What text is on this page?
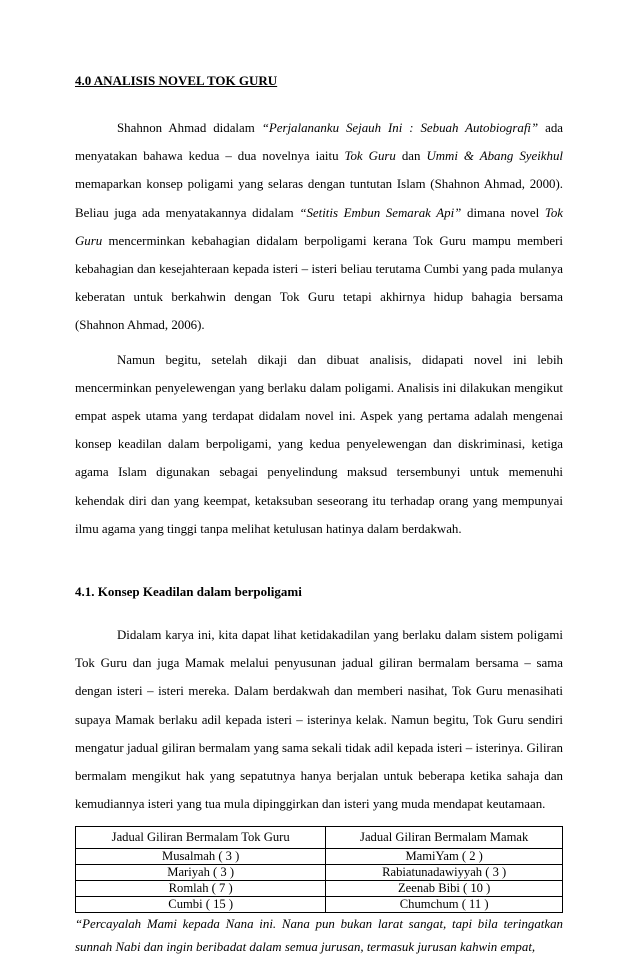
4.0 ANALISIS NOVEL TOK GURU

Shahnon Ahmad didalam “Perjalananku Sejauh Ini : Sebuah Autobiografi” ada menyatakan bahawa kedua – dua novelnya iaitu Tok Guru dan Ummi & Abang Syeikhul memaparkan konsep poligami yang selaras dengan tuntutan Islam (Shahnon Ahmad, 2000). Beliau juga ada menyatakannya didalam “Setitis Embun Semarak Api” dimana novel Tok Guru mencerminkan kebahagian didalam berpoligami kerana Tok Guru mampu memberi kebahagian dan kesejahteraan kepada isteri – isteri beliau terutama Cumbi yang pada mulanya keberatan untuk berkahwin dengan Tok Guru tetapi akhirnya hidup bahagia bersama (Shahnon Ahmad, 2006).

Namun begitu, setelah dikaji dan dibuat analisis, didapati novel ini lebih mencerminkan penyelewengan yang berlaku dalam poligami. Analisis ini dilakukan mengikut empat aspek utama yang terdapat didalam novel ini. Aspek yang pertama adalah mengenai konsep keadilan dalam berpoligami, yang kedua penyelewengan dan diskriminasi, ketiga agama Islam digunakan sebagai penyelindung maksud tersembunyi untuk memenuhi kehendak diri dan yang keempat, ketaksuban seseorang itu terhadap orang yang mempunyai ilmu agama yang tinggi tanpa melihat ketulusan hatinya dalam berdakwah.

4.1. Konsep Keadilan dalam berpoligami

Didalam karya ini, kita dapat lihat ketidakadilan yang berlaku dalam sistem poligami Tok Guru dan juga Mamak melalui penyusunan jadual giliran bermalam bersama – sama dengan isteri – isteri mereka. Dalam berdakwah dan memberi nasihat, Tok Guru menasihati supaya Mamak berlaku adil kepada isteri – isterinya kelak. Namun begitu, Tok Guru sendiri mengatur jadual giliran bermalam yang sama sekali tidak adil kepada isteri – isterinya. Giliran bermalam mengikut hak yang sepatutnya hanya berjalan untuk beberapa ketika sahaja dan kemudiannya isteri yang tua mula dipinggirkan dan isteri yang muda mendapat keutamaan.

Jadual Giliran Bermalam Tok Guru	Jadual Giliran Bermalam Mamak
Musalmah ( 3 )	MamiYam ( 2 )
Mariyah ( 3 )	Rabiatunadawiyyah ( 3 )
Romlah ( 7 )	Zeenab Bibi ( 10 )
Cumbi ( 15 )	Chumchum ( 11 )

“Percayalah Mami kepada Nana ini. Nana pun bukan larat sangat, tapi bila teringatkan sunnah Nabi dan ingin beribadat dalam semua jurusan, termasuk jurusan kahwin empat,
